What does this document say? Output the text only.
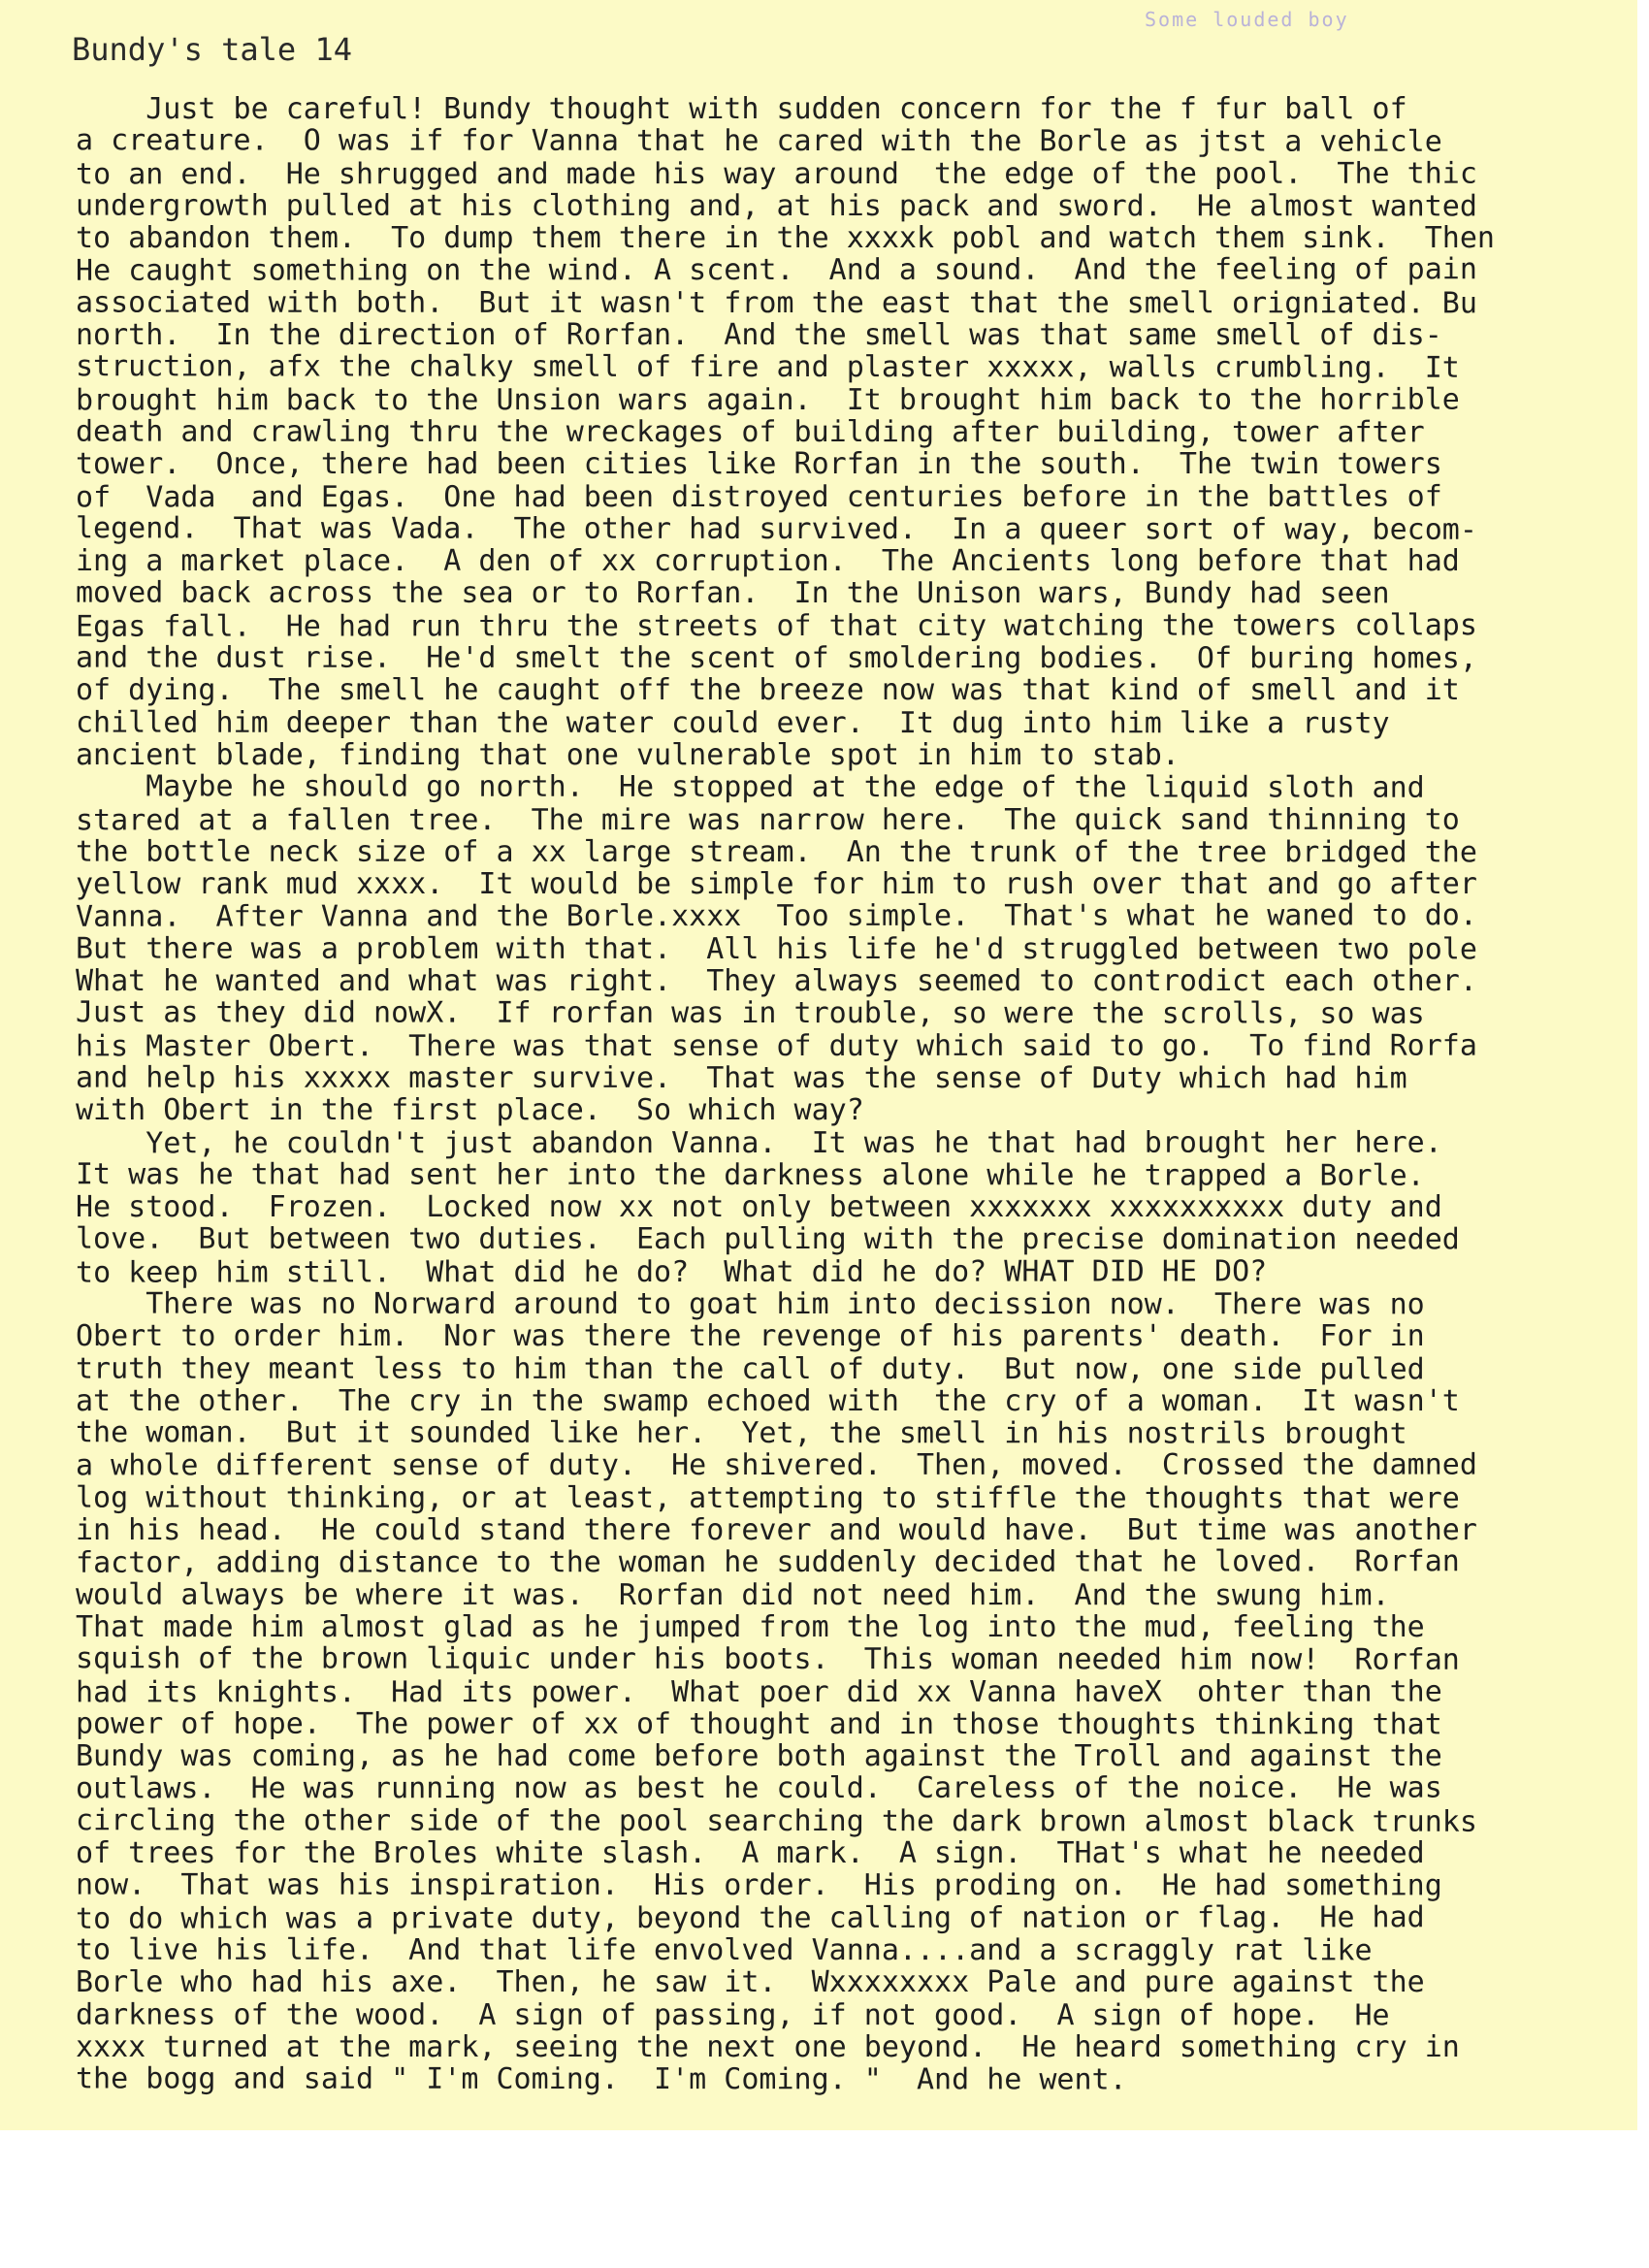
Some louded boy
Bundy's tale 14
Just be careful! Bundy thought with sudden concern for the f fur ball of
a creature.  O was if for Vanna that he cared with the Borle as jtst a vehicle
to an end.  He shrugged and made his way around  the edge of the pool.  The thic
undergrowth pulled at his clothing and, at his pack and sword.  He almost wanted
to abandon them.  To dump them there in the xxxxk pobl and watch them sink.  Then
He caught something on the wind. A scent.  And a sound.  And the feeling of pain
associated with both.  But it wasn't from the east that the smell origniated. Bu
north.  In the direction of Rorfan.  And the smell was that same smell of dis-
struction, afx the chalky smell of fire and plaster xxxxx, walls crumbling.  It
brought him back to the Unsion wars again.  It brought him back to the horrible
death and crawling thru the wreckages of building after building, tower after
tower.  Once, there had been cities like Rorfan in the south.  The twin towers
of  Vada  and Egas.  One had been distroyed centuries before in the battles of
legend.  That was Vada.  The other had survived.  In a queer sort of way, becom-
ing a market place.  A den of xx corruption.  The Ancients long before that had
moved back across the sea or to Rorfan.  In the Unison wars, Bundy had seen
Egas fall.  He had run thru the streets of that city watching the towers collaps
and the dust rise.  He'd smelt the scent of smoldering bodies.  Of buring homes,
of dying.  The smell he caught off the breeze now was that kind of smell and it
chilled him deeper than the water could ever.  It dug into him like a rusty
ancient blade, finding that one vulnerable spot in him to stab.
Maybe he should go north.  He stopped at the edge of the liquid sloth and
stared at a fallen tree.  The mire was narrow here.  The quick sand thinning to
the bottle neck size of a xx large stream.  An the trunk of the tree bridged the
yellow rank mud xxxx.  It would be simple for him to rush over that and go after
Vanna.  After Vanna and the Borle.xxxx  Too simple.  That's what he waned to do.
But there was a problem with that.  All his life he'd struggled between two pole
What he wanted and what was right.  They always seemed to controdict each other.
Just as they did nowX.  If rorfan was in trouble, so were the scrolls, so was
his Master Obert.  There was that sense of duty which said to go.  To find Rorfa
and help his xxxxx master survive.  That was the sense of Duty which had him
with Obert in the first place.  So which way?
Yet, he couldn't just abandon Vanna.  It was he that had brought her here.
It was he that had sent her into the darkness alone while he trapped a Borle.
He stood.  Frozen.  Locked now xx not only between xxxxxxx xxxxxxxxxx duty and
love.  But between two duties.  Each pulling with the precise domination needed
to keep him still.  What did he do?  What did he do? WHAT DID HE DO?
There was no Norward around to goat him into decission now.  There was no
Obert to order him.  Nor was there the revenge of his parents' death.  For in
truth they meant less to him than the call of duty.  But now, one side pulled
at the other.  The cry in the swamp echoed with  the cry of a woman.  It wasn't
the woman.  But it sounded like her.  Yet, the smell in his nostrils brought
a whole different sense of duty.  He shivered.  Then, moved.  Crossed the damned
log without thinking, or at least, attempting to stiffle the thoughts that were
in his head.  He could stand there forever and would have.  But time was another
factor, adding distance to the woman he suddenly decided that he loved.  Rorfan
would always be where it was.  Rorfan did not need him.  And the swung him.
That made him almost glad as he jumped from the log into the mud, feeling the
squish of the brown liquic under his boots.  This woman needed him now!  Rorfan
had its knights.  Had its power.  What poer did xx Vanna haveX  ohter than the
power of hope.  The power of xx of thought and in those thoughts thinking that
Bundy was coming, as he had come before both against the Troll and against the
outlaws.  He was running now as best he could.  Careless of the noice.  He was
circling the other side of the pool searching the dark brown almost black trunks
of trees for the Broles white slash.  A mark.  A sign.  THat's what he needed
now.  That was his inspiration.  His order.  His proding on.  He had something
to do which was a private duty, beyond the calling of nation or flag.  He had
to live his life.  And that life envolved Vanna....and a scraggly rat like
Borle who had his axe.  Then, he saw it.  Wxxxxxxxx Pale and pure against the
darkness of the wood.  A sign of passing, if not good.  A sign of hope.  He
xxxx turned at the mark, seeing the next one beyond.  He heard something cry in
the bogg and said " I'm Coming.  I'm Coming. "  And he went.
